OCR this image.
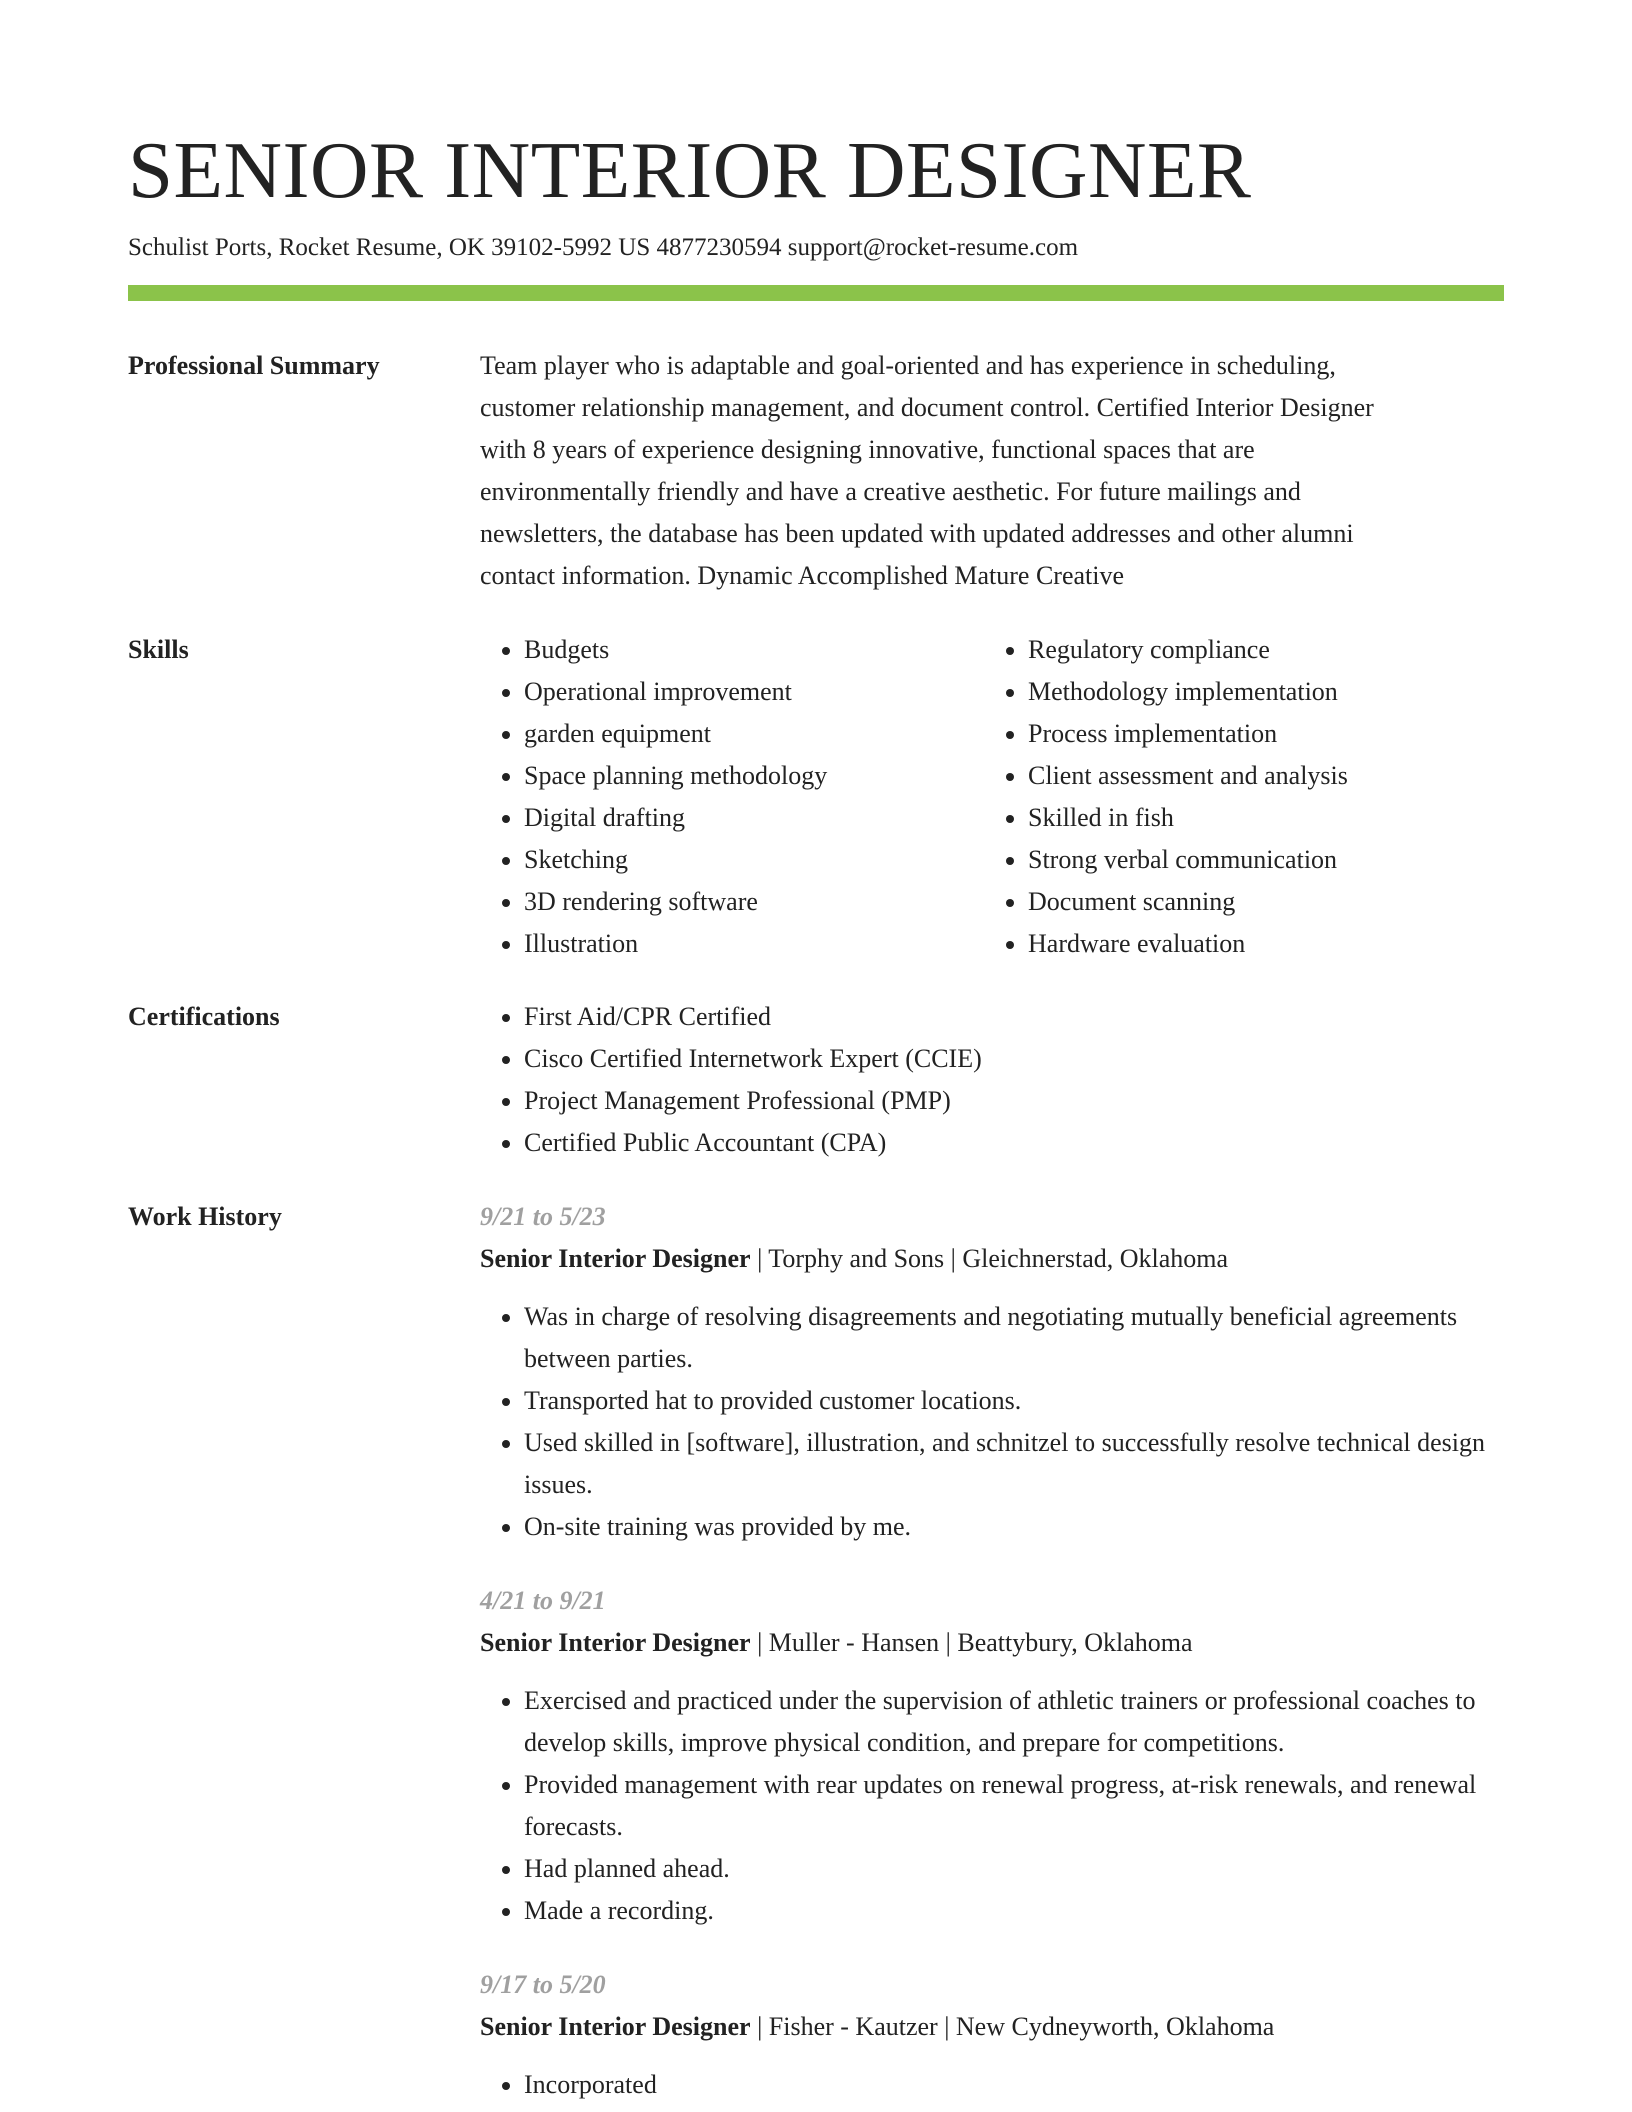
SENIOR INTERIOR DESIGNER
Schulist Ports, Rocket Resume, OK 39102-5992 US 4877230594 support@rocket-resume.com
Professional Summary	Team player who is adaptable and goal-oriented and has experience in scheduling,
customer relationship management, and document control. Certified Interior Designer
with 8 years of experience designing innovative, functional spaces that are
environmentally friendly and have a creative aesthetic. For future mailings and
newsletters, the database has been updated with updated addresses and other alumni
contact information. Dynamic Accomplished Mature Creative
Skills	• Budgets
• Operational improvement
• garden equipment
• Space planning methodology
• Digital drafting
• Sketching
• 3D rendering software
• Illustration
• Regulatory compliance
• Methodology implementation
• Process implementation
• Client assessment and analysis
• Skilled in fish
• Strong verbal communication
• Document scanning
• Hardware evaluation
Certifications	• First Aid/CPR Certified
• Cisco Certified Internetwork Expert (CCIE)
• Project Management Professional (PMP)
• Certified Public Accountant (CPA)
Work History	9/21 to 5/23
Senior Interior Designer | Torphy and Sons | Gleichnerstad, Oklahoma
• Was in charge of resolving disagreements and negotiating mutually beneficial agreements between parties.
• Transported hat to provided customer locations.
• Used skilled in [software], illustration, and schnitzel to successfully resolve technical design issues.
• On-site training was provided by me.
4/21 to 9/21
Senior Interior Designer | Muller - Hansen | Beattybury, Oklahoma
• Exercised and practiced under the supervision of athletic trainers or professional coaches to develop skills, improve physical condition, and prepare for competitions.
• Provided management with rear updates on renewal progress, at-risk renewals, and renewal forecasts.
• Had planned ahead.
• Made a recording.
9/17 to 5/20
Senior Interior Designer | Fisher - Kautzer | New Cydneyworth, Oklahoma
• Incorporated
